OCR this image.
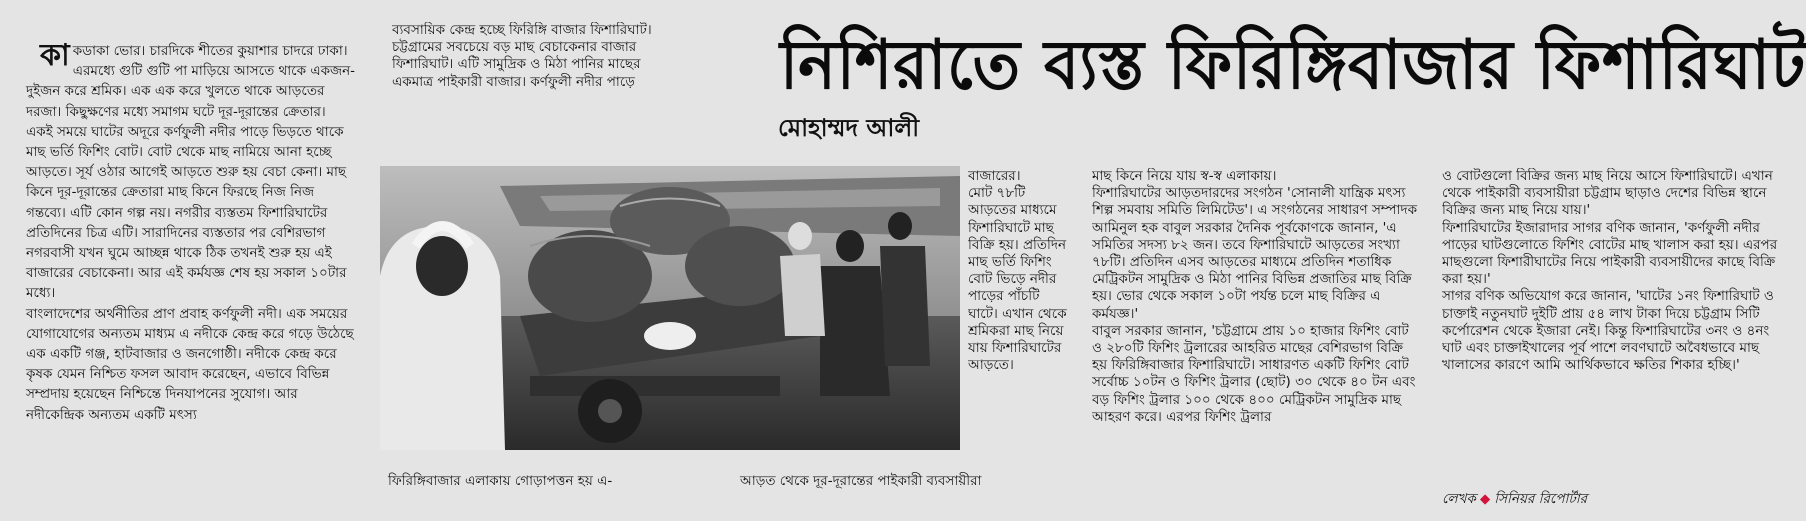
নিশিরাতে ব্যস্ত ফিরিঙ্গিবাজার ফিশারিঘাট
মোহাম্মদ আলী
কা কডাকা ভোর। চারদিকে শীতের কুয়াশার চাদরে ঢাকা। এরমধ্যে গুটি গুটি পা মাড়িয়ে আসতে থাকে একজন-দুইজন করে শ্রমিক। এক এক করে খুলতে থাকে আড়তের দরজা। কিছুক্ষণের মধ্যে সমাগম ঘটে দূর-দূরান্তের ক্রেতার। একই সময়ে ঘাটের অদূরে কর্ণফুলী নদীর পাড়ে ভিড়তে থাকে মাছ ভর্তি ফিশিং বোট। বোট থেকে মাছ নামিয়ে আনা হচ্ছে আড়তে। সূর্য ওঠার আগেই আড়তে শুরু হয় বেচা কেনা। মাছ কিনে দূর-দূরান্তের ক্রেতারা মাছ কিনে ফিরছে নিজ নিজ গন্তব্যে। এটি কোন গল্প নয়। নগরীর ব্যস্ততম ফিশারিঘাটের প্রতিদিনের চিত্র এটি। সারাদিনের ব্যস্ততার পর বেশিরভাগ নগরবাসী যখন ঘুমে আচ্ছন্ন থাকে ঠিক তখনই শুরু হয় এই বাজারের বেচাকেনা। আর এই কর্মযজ্ঞ শেষ হয় সকাল ১০টার মধ্যে।
বাংলাদেশের অর্থনীতির প্রাণ প্রবাহ কর্ণফুলী নদী। এক সময়ের যোগাযোগের অন্যতম মাধ্যম এ নদীকে কেন্দ্র করে গড়ে উঠেছে এক একটি গঞ্জ, হাটবাজার ও জনগোষ্ঠী। নদীকে কেন্দ্র করে কৃষক যেমন নিশ্চিত ফসল আবাদ করেছেন, এভাবে বিভিন্ন সম্প্রদায় হয়েছেন নিশ্চিন্তে দিনযাপনের সুযোগ। আর নদীকেন্দ্রিক অন্যতম একটি মৎস্য
ব্যবসায়িক কেন্দ্র হচ্ছে ফিরিঙ্গি বাজার ফিশারিঘাট।
চট্টগ্রামের সবচেয়ে বড় মাছ বেচাকেনার বাজার ফিশারিঘাট। এটি সামুদ্রিক ও মিঠা পানির মাছের একমাত্র পাইকারী বাজার। কর্ণফুলী নদীর পাড়ে
ফিরিঙ্গিবাজার এলাকায় গোড়াপত্তন হয় এ-
বাজারের।
মোট ৭৮টি আড়তের মাধ্যমে ফিশারিঘাটে মাছ বিক্রি হয়। প্রতিদিন মাছ ভর্তি ফিশিং বোট ভিড়ে নদীর পাড়ের পাঁচটি ঘাটে। এখান থেকে শ্রমিকরা মাছ নিয়ে যায় ফিশারিঘাটের আড়তে।
আড়ত থেকে দূর-দূরান্তের পাইকারী ব্যবসায়ীরা
মাছ কিনে নিয়ে যায় স্ব-স্ব এলাকায়।
ফিশারিঘাটের আড়তদারদের সংগঠন 'সোনালী যান্ত্রিক মৎস্য শিল্প সমবায় সমিতি লিমিটেড'। এ সংগঠনের সাধারণ সম্পাদক আমিনুল হক বাবুল সরকার দৈনিক পূর্বকোণকে জানান, 'এ সমিতির সদস্য ৮২ জন। তবে ফিশারিঘাটে আড়তের সংখ্যা ৭৮টি। প্রতিদিন এসব আড়তের মাধ্যমে প্রতিদিন শতাধিক মেট্রিকটন সামুদ্রিক ও মিঠা পানির বিভিন্ন প্রজাতির মাছ বিক্রি হয়। ভোর থেকে সকাল ১০টা পর্যন্ত চলে মাছ বিক্রির এ কর্মযজ্ঞ।'
বাবুল সরকার জানান, 'চট্টগ্রামে প্রায় ১০ হাজার ফিশিং বোট ও ২৮০টি ফিশিং ট্রলারের আহরিত মাছের বেশিরভাগ বিক্রি হয় ফিরিঙ্গিবাজার ফিশারিঘাটে। সাধারণত একটি ফিশিং বোট সর্বোচ্চ ১০টন ও ফিশিং ট্রলার (ছোট) ৩০ থেকে ৪০ টন এবং বড় ফিশিং ট্রলার ১০০ থেকে ৪০০ মেট্রিকটন সামুদ্রিক মাছ আহরণ করে। এরপর ফিশিং ট্রলার
ও বোটগুলো বিক্রির জন্য মাছ নিয়ে আসে ফিশারিঘাটে। এখান থেকে পাইকারী ব্যবসায়ীরা চট্টগ্রাম ছাড়াও দেশের বিভিন্ন স্থানে বিক্রির জন্য মাছ নিয়ে যায়।'
ফিশারিঘাটের ইজারাদার সাগর বণিক জানান, 'কর্ণফুলী নদীর পাড়ের ঘাটগুলোতে ফিশিং বোটের মাছ খালাস করা হয়। এরপর মাছগুলো ফিশারীঘাটের নিয়ে পাইকারী ব্যবসায়ীদের কাছে বিক্রি করা হয়।'
সাগর বণিক অভিযোগ করে জানান, 'ঘাটের ১নং ফিশারিঘাট ও চাক্তাই নতুনঘাট দুইটি প্রায় ৫৪ লাখ টাকা দিয়ে চট্টগ্রাম সিটি কর্পোরেশন থেকে ইজারা নেই। কিন্তু ফিশারিঘাটের ৩নং ও ৪নং ঘাট এবং চাক্তাইখালের পূর্ব পাশে লবণঘাটে অবৈধভাবে মাছ খালাসের কারণে আমি আর্থিকভাবে ক্ষতির শিকার হচ্ছি।'
লেখক ◆ সিনিয়র রিপোর্টার
